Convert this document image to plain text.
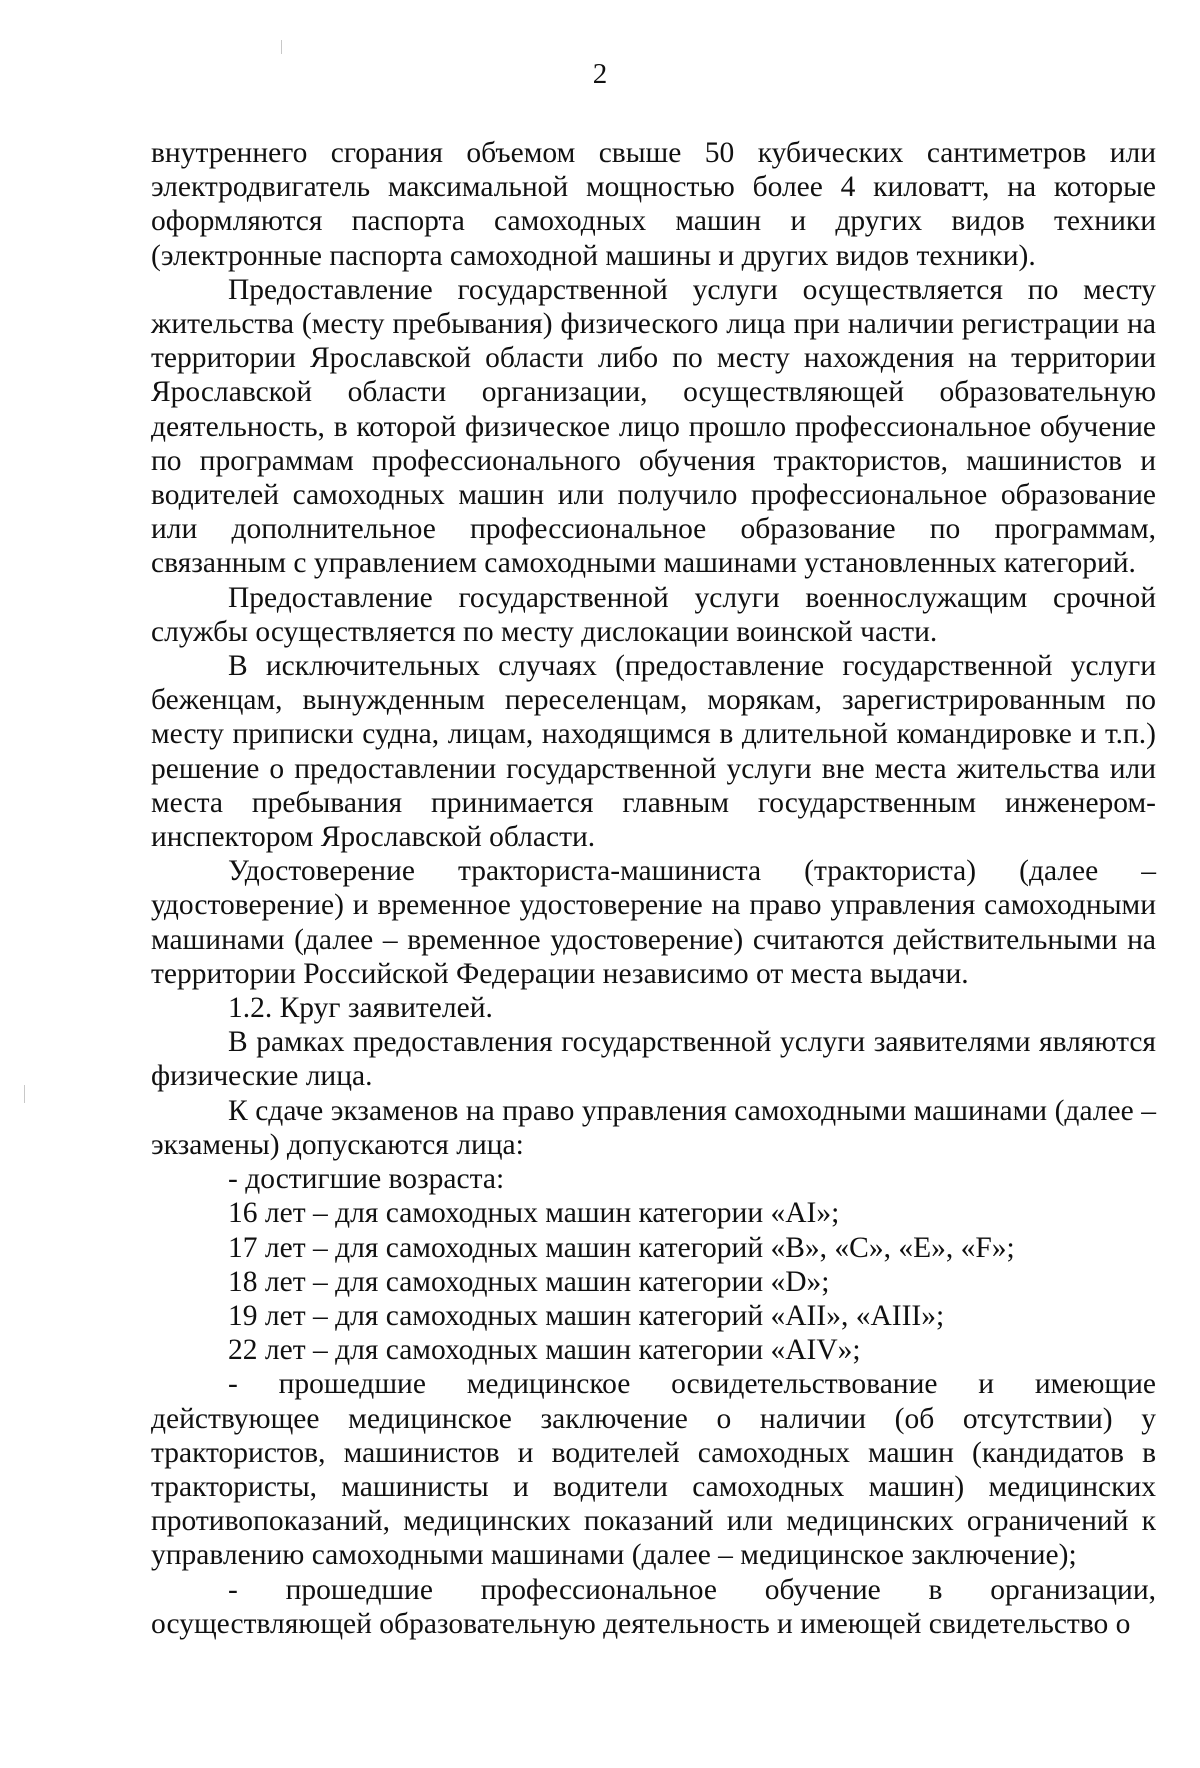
2

внутреннего сгорания объемом свыше 50 кубических сантиметров или электродвигатель максимальной мощностью более 4 киловатт, на которые оформляются паспорта самоходных машин и других видов техники (электронные паспорта самоходной машины и других видов техники).

Предоставление государственной услуги осуществляется по месту жительства (месту пребывания) физического лица при наличии регистрации на территории Ярославской области либо по месту нахождения на территории Ярославской области организации, осуществляющей образовательную деятельность, в которой физическое лицо прошло профессиональное обучение по программам профессионального обучения трактористов, машинистов и водителей самоходных машин или получило профессиональное образование или дополнительное профессиональное образование по программам, связанным с управлением самоходными машинами установленных категорий.

Предоставление государственной услуги военнослужащим срочной службы осуществляется по месту дислокации воинской части.

В исключительных случаях (предоставление государственной услуги беженцам, вынужденным переселенцам, морякам, зарегистрированным по месту приписки судна, лицам, находящимся в длительной командировке и т.п.) решение о предоставлении государственной услуги вне места жительства или места пребывания принимается главным государственным инженером-инспектором Ярославской области.

Удостоверение тракториста-машиниста (тракториста) (далее – удостоверение) и временное удостоверение на право управления самоходными машинами (далее – временное удостоверение) считаются действительными на территории Российской Федерации независимо от места выдачи.

1.2. Круг заявителей.

В рамках предоставления государственной услуги заявителями являются физические лица.

К сдаче экзаменов на право управления самоходными машинами (далее – экзамены) допускаются лица:

- достигшие возраста:

16 лет – для самоходных машин категории «AI»;

17 лет – для самоходных машин категорий «B», «C», «E», «F»;

18 лет – для самоходных машин категории «D»;

19 лет – для самоходных машин категорий «AII», «AIII»;

22 лет – для самоходных машин категории «AIV»;

- прошедшие медицинское освидетельствование и имеющие действующее медицинское заключение о наличии (об отсутствии) у трактористов, машинистов и водителей самоходных машин (кандидатов в трактористы, машинисты и водители самоходных машин) медицинских противопоказаний, медицинских показаний или медицинских ограничений к управлению самоходными машинами (далее – медицинское заключение);

- прошедшие профессиональное обучение в организации, осуществляющей образовательную деятельность и имеющей свидетельство о
